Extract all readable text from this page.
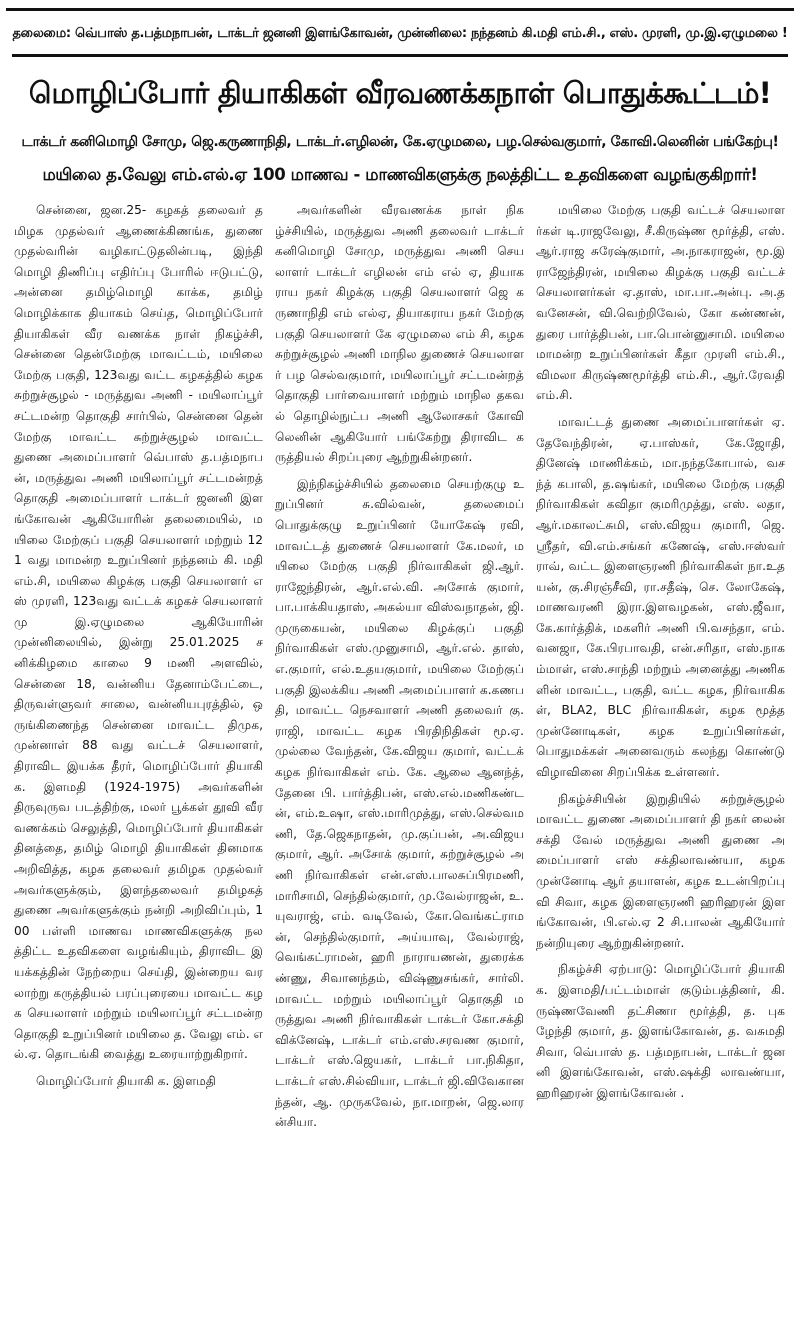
தலைமை: வெ்பாஸ் த.பத்மநாபன், டாக்டர் ஜனனி இளங்கோவன், முன்னிலை: நந்தனம் கி.மதி எம்.சி., எஸ். முரளி, மு.இ.ஏழுமலை !
மொழிப்போர் தியாகிகள் வீரவணக்கநாள் பொதுக்கூட்டம்!
டாக்டர் கனிமொழி சோமு, ஜெ.கருணாநிதி, டாக்டர்.எழிலன், கே.ஏழுமலை, பழ.செல்வகுமார், கோவி.லெனின் பங்கேற்பு!
மயிலை த.வேலு எம்.எல்.ஏ 100 மாணவ - மாணவிகளுக்கு நலத்திட்ட உதவிகளை வழங்குகிறார்!

சென்னை, ஜன.25- கழகத் தலைவர் தமிழக முதல்வர் ஆணைக்கிணங்க, துணை முதல்வரின் வழிகாட்டுதலின்படி, இந்தி மொழி திணிப்பு எதிர்ப்பு போரில் ஈடுபட்டு, அன்னை தமிழ்மொழி காக்க, தமிழ் மொழிக்காக தியாகம் செய்த, மொழிப்போர் தியாகிகள் வீர வணக்க நாள் நிகழ்ச்சி, சென்னை தென்மேற்கு மாவட்டம், மயிலை மேற்கு பகுதி, 123வது வட்ட கழகத்தில் கழக சுற்றுச்சூழல் - மருத்துவ அணி - மயிலாப்பூர் சட்டமன்ற தொகுதி சார்பில், சென்னை தென் மேற்கு மாவட்ட சுற்றுச்சூழல் மாவட்ட துணை அமைப்பாளர் வெ்பாஸ் த.பத்மநாபன், மருத்துவ அணி மயிலாப்பூர் சட்டமன்றத் தொகுதி அமைப்பாளர் டாக்டர் ஜனனி இளங்கோவன் ஆகியோரின் தலைமையில், மயிலை மேற்குப் பகுதி செயலாளர் மற்றும் 121 வது மாமன்ற உறுப்பினர் நந்தனம் கி. மதி எம்.சி, மயிலை கிழக்கு பகுதி செயலாளர் எஸ் முரளி, 123வது வட்டக் கழகச் செயலாளர் மு இ.ஏழுமலை ஆகியோரின் முன்னிலையில், இன்று 25.01.2025 சனிக்கிழமை காலை 9 மணி அளவில், சென்னை 18, வன்னிய தேனாம்பேட்டை, திருவள்ளுவர் சாலை, வன்னியபுரத்தில், ஒருங்கிணைந்த சென்னை மாவட்ட திமுக, முன்னாள் 88 வது வட்டச் செயலாளர், திராவிட இயக்க தீரர், மொழிப்போர் தியாகி க. இளமதி (1924-1975) அவர்களின் திருவுருவ படத்திற்கு, மலர் பூக்கள் தூவி வீர வணக்கம் செலுத்தி, மொழிப்போர் தியாகிகள் தினத்தை, தமிழ் மொழி தியாகிகள் தினமாக அறிவித்த, கழக தலைவர் தமிழக முதல்வர் அவர்களுக்கும், இளந்தலைவர் தமிழகத் துணை அவர்களுக்கும் நன்றி அறிவிப்பும், 100 பள்ளி மாணவ மாணவிகளுக்கு நலத்திட்ட உதவிகளை வழங்கியும், திராவிட இயக்கத்தின் நேற்றைய செய்தி, இன்றைய வரலாற்று கருத்தியல் பரப்புரையை மாவட்ட கழக செயலாளர் மற்றும் மயிலாப்பூர் சட்டமன்ற தொகுதி உறுப்பினர் மயிலை த. வேலு எம். எல்.ஏ. தொடங்கி வைத்து உரையாற்றுகிறார்.

மொழிப்போர் தியாகி க. இளமதி

அவர்களின் வீரவணக்க நாள் நிகழ்ச்சியில், மருத்துவ அணி தலைவர் டாக்டர் கனிமொழி சோமு, மருத்துவ அணி செயலாளர் டாக்டர் எழிலன் எம் எல் ஏ, தியாகராய நகர் கிழக்கு பகுதி செயலாளர் ஜெ கருணாநிதி எம் எல்ஏ, தியாகராய நகர் மேற்கு பகுதி செயலாளர் கே ஏழுமலை எம் சி, கழக சுற்றுச்சூழல் அணி மாநில துணைச் செயலாளர் பழ செல்வகுமார், மயிலாப்பூர் சட்டமன்றத் தொகுதி பார்வையாளர் மற்றும் மாநில தகவல் தொழில்நுட்ப அணி ஆலோசகர் கோவி லெனின் ஆகியோர் பங்கேற்று திராவிட கருத்தியல் சிறப்புரை ஆற்றுகின்றனர்.

இந்நிகழ்ச்சியில் தலைமை செயற்குழு உறுப்பினர் சு.வில்வன், தலைமைப் பொதுக்குழு உறுப்பினர் யோகேஷ் ரவி, மாவட்டத் துணைச் செயலாளர் கே.மலர், மயிலை மேற்கு பகுதி நிர்வாகிகள் ஜி.ஆர்.ராஜேந்திரன், ஆர்.எல்.வி. அசோக் குமார், பா.பாக்கியதாஸ், அகல்யா விஸ்வநாதன், ஜி.முருகையன், மயிலை கிழக்குப் பகுதி நிர்வாகிகள் எஸ்.முனுசாமி, ஆர்.எல். தாஸ், எ.குமார், எல்.உதயகுமார், மயிலை மேற்குப் பகுதி இலக்கிய அணி அமைப்பாளர் க.கணபதி, மாவட்ட நெசவாளர் அணி தலைவர் கு.ராஜி, மாவட்ட கழக பிரதிநிதிகள் மூ.ஏ.முல்லை வேந்தன், கே.விஜய குமார், வட்டக் கழக நிர்வாகிகள் எம். கே. ஆலை ஆனந்த், தேனை பி. பார்த்திபன், எஸ்.எல்.மணிகண்டன், எம்.உஷா, எஸ்.மாரிமுத்து, எஸ்.செல்வமணி, தே.ஜெகநாதன், மு.குப்பன், அ.விஜயகுமார், ஆர். அசோக் குமார், சுற்றுச்சூழல் அணி நிர்வாகிகள் என்.எஸ்.பாலசுப்பிரமணி, மாரிசாமி, செந்தில்குமார், மு.வேல்ராஜன், உ.யுவராஜ், எம். வடிவேல், கோ.வெங்கட்ராமன், செந்தில்குமார், அய்யாவு, வேல்ராஜ், வெங்கட்ராமன், ஹரி நாராயணன், துரைக்கண்ணு, சிவானந்தம், விஷ்ணுசங்கர், சார்லி. மாவட்ட மற்றும் மயிலாப்பூர் தொகுதி மருத்துவ அணி நிர்வாகிகள் டாக்டர் கோ.சக்தி விக்னேஷ், டாக்டர் எம்.எஸ்.சரவண குமார், டாக்டர் எஸ்.ஜெயகர், டாக்டர் பா.நிகிதா, டாக்டர் எஸ்.சில்வியா, டாக்டர் ஜி.விவேகானந்தன், ஆ. முருகவேல், நா.மாறன், ஜெ.லாரன்சியா.

மயிலை மேற்கு பகுதி வட்டச் செயலாளர்கள் டி.ராஜவேலு, சீ.கிருஷ்ண மூர்த்தி, எஸ்.ஆர்.ராஜ சுரேஷ்குமார், அ.நாகராஜன், மூ.இராஜேந்திரன், மயிலை கிழக்கு பகுதி வட்டச் செயலாளர்கள் ஏ.தாஸ், மா.பா.அன்பு. அ.தவனேசன், வி.வெற்றிவேல், கோ கண்ணன், துரை பார்த்திபன், பா.பொன்னுசாமி. மயிலை மாமன்ற உறுப்பினர்கள் கீதா முரளி எம்.சி., விமலா கிருஷ்ணமூர்த்தி எம்.சி., ஆர்.ரேவதி எம்.சி.

மாவட்டத் துணை அமைப்பாளர்கள் ஏ.தேவேந்திரன், ஏ.பாஸ்கர், கே.ஜோதி, தினேஷ் மாணிக்கம், மா.நந்தகோபால், வசந்த் கபாலி, த.ஷங்கர், மயிலை மேற்கு பகுதி நிர்வாகிகள் கவிதா குமரிமுத்து, எஸ். லதா, ஆர்.மகாலட்சுமி, எஸ்.விஜய குமாரி, ஜெ.ஸ்ரீதர், வி.எம்.சங்கர் கணேஷ், எஸ்.ஈஸ்வர் ராவ், வட்ட இளைஞரணி நிர்வாகிகள் நா.உதயன், கு.சிரஞ்சீவி, ரா.சதீஷ், செ. லோகேஷ், மாணவரணி இரா.இளவழகன், எஸ்.ஜீவா, கே.கார்த்திக், மகளிர் அணி பி.வசந்தா, எம். வனஜா, கே.பிரபாவதி, என்.சரிதா, எஸ்.நாகம்மாள், எஸ்.சாந்தி மற்றும் அனைத்து அணிகளின் மாவட்ட, பகுதி, வட்ட கழக, நிர்வாகிகள், BLA2, BLC நிர்வாகிகள், கழக மூத்த முன்னோடிகள், கழக உறுப்பினர்கள், பொதுமக்கள் அனைவரும் கலந்து கொண்டு விழாவினை சிறப்பிக்க உள்ளனர்.

நிகழ்ச்சியின் இறுதியில் சுற்றுச்சூழல் மாவட்ட துணை அமைப்பாளர் தி நகர் லைன் சக்தி வேல் மருத்துவ அணி துணை அமைப்பாளர் எஸ் சக்திலாவண்யா, கழக முன்னோடி ஆர் தயாளன், கழக உடன்பிறப்பு வி சிவா, கழக இளைஞரணி ஹரிஹரன் இளங்கோவன், பி.எல்.ஏ 2 சி.பாலன் ஆகியோர் நன்றியுரை ஆற்றுகின்றனர்.

நிகழ்ச்சி ஏற்பாடு: மொழிப்போர் தியாகி க. இளமதி/பட்டம்மாள் குடும்பத்தினர், கி.ருஷ்ணவேணி தட்சிணா மூர்த்தி, த. புகழேந்தி குமார், த. இளங்கோவன், த. வசுமதி சிவா, வெ்பாஸ் த. பத்மநாபன், டாக்டர் ஜனனி இளங்கோவன், எஸ்.ஷக்தி லாவண்யா, ஹரிஹரன் இளங்கோவன் .
